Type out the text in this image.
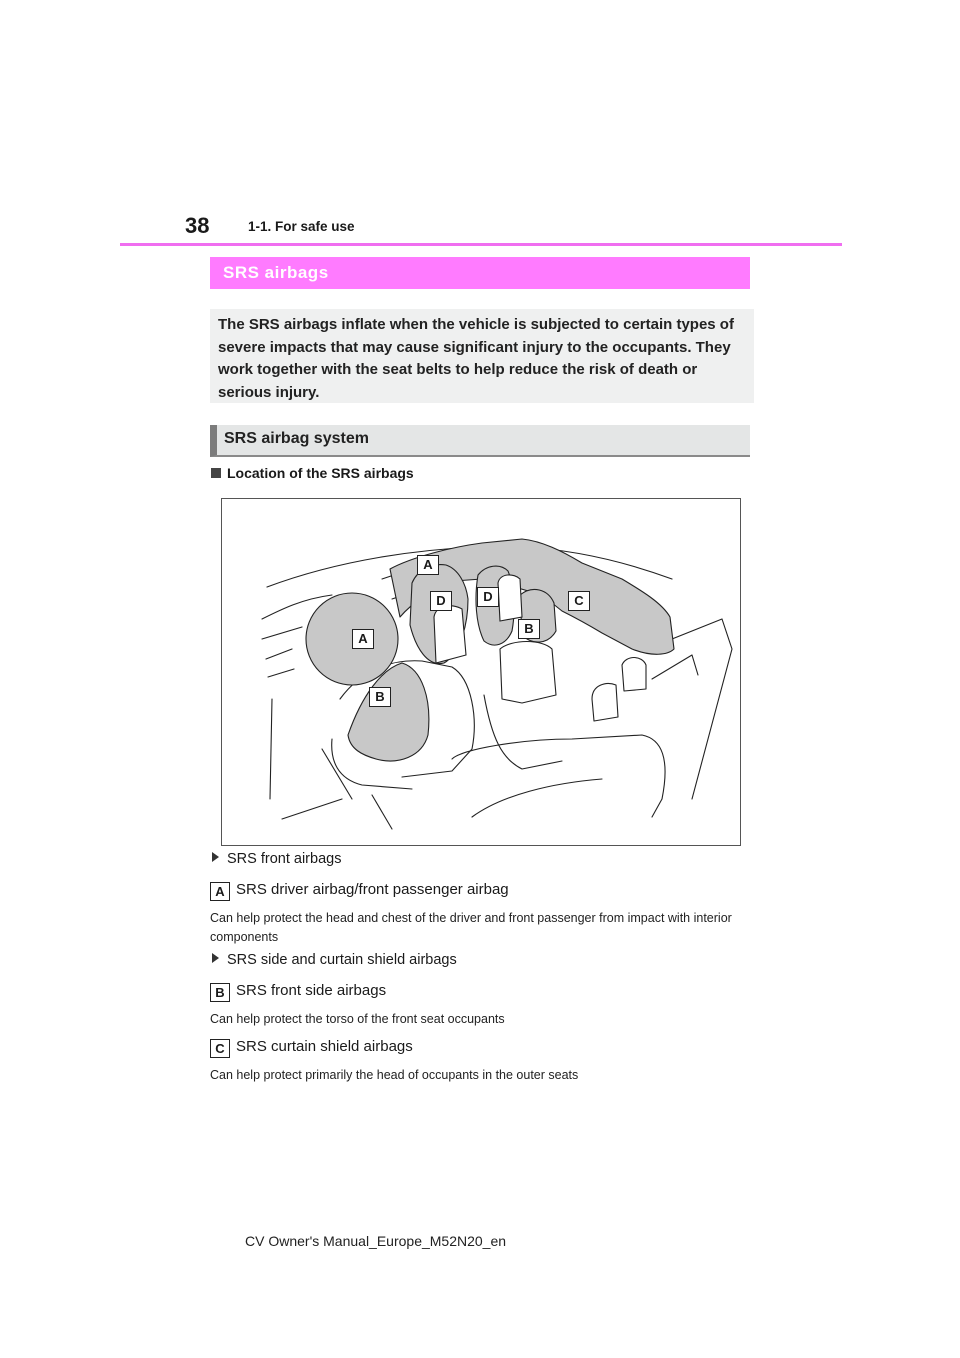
38	1-1. For safe use
SRS airbags
The SRS airbags inflate when the vehicle is subjected to certain types of severe impacts that may cause significant injury to the occupants. They work together with the seat belts to help reduce the risk of death or serious injury.
SRS airbag system
Location of the SRS airbags
A
D	D	C
B
A
B
SRS front airbags
A SRS driver airbag/front passenger airbag
Can help protect the head and chest of the driver and front passenger from impact with interior components
SRS side and curtain shield airbags
B SRS front side airbags
Can help protect the torso of the front seat occupants
C SRS curtain shield airbags
Can help protect primarily the head of occupants in the outer seats
CV Owner's Manual_Europe_M52N20_en
